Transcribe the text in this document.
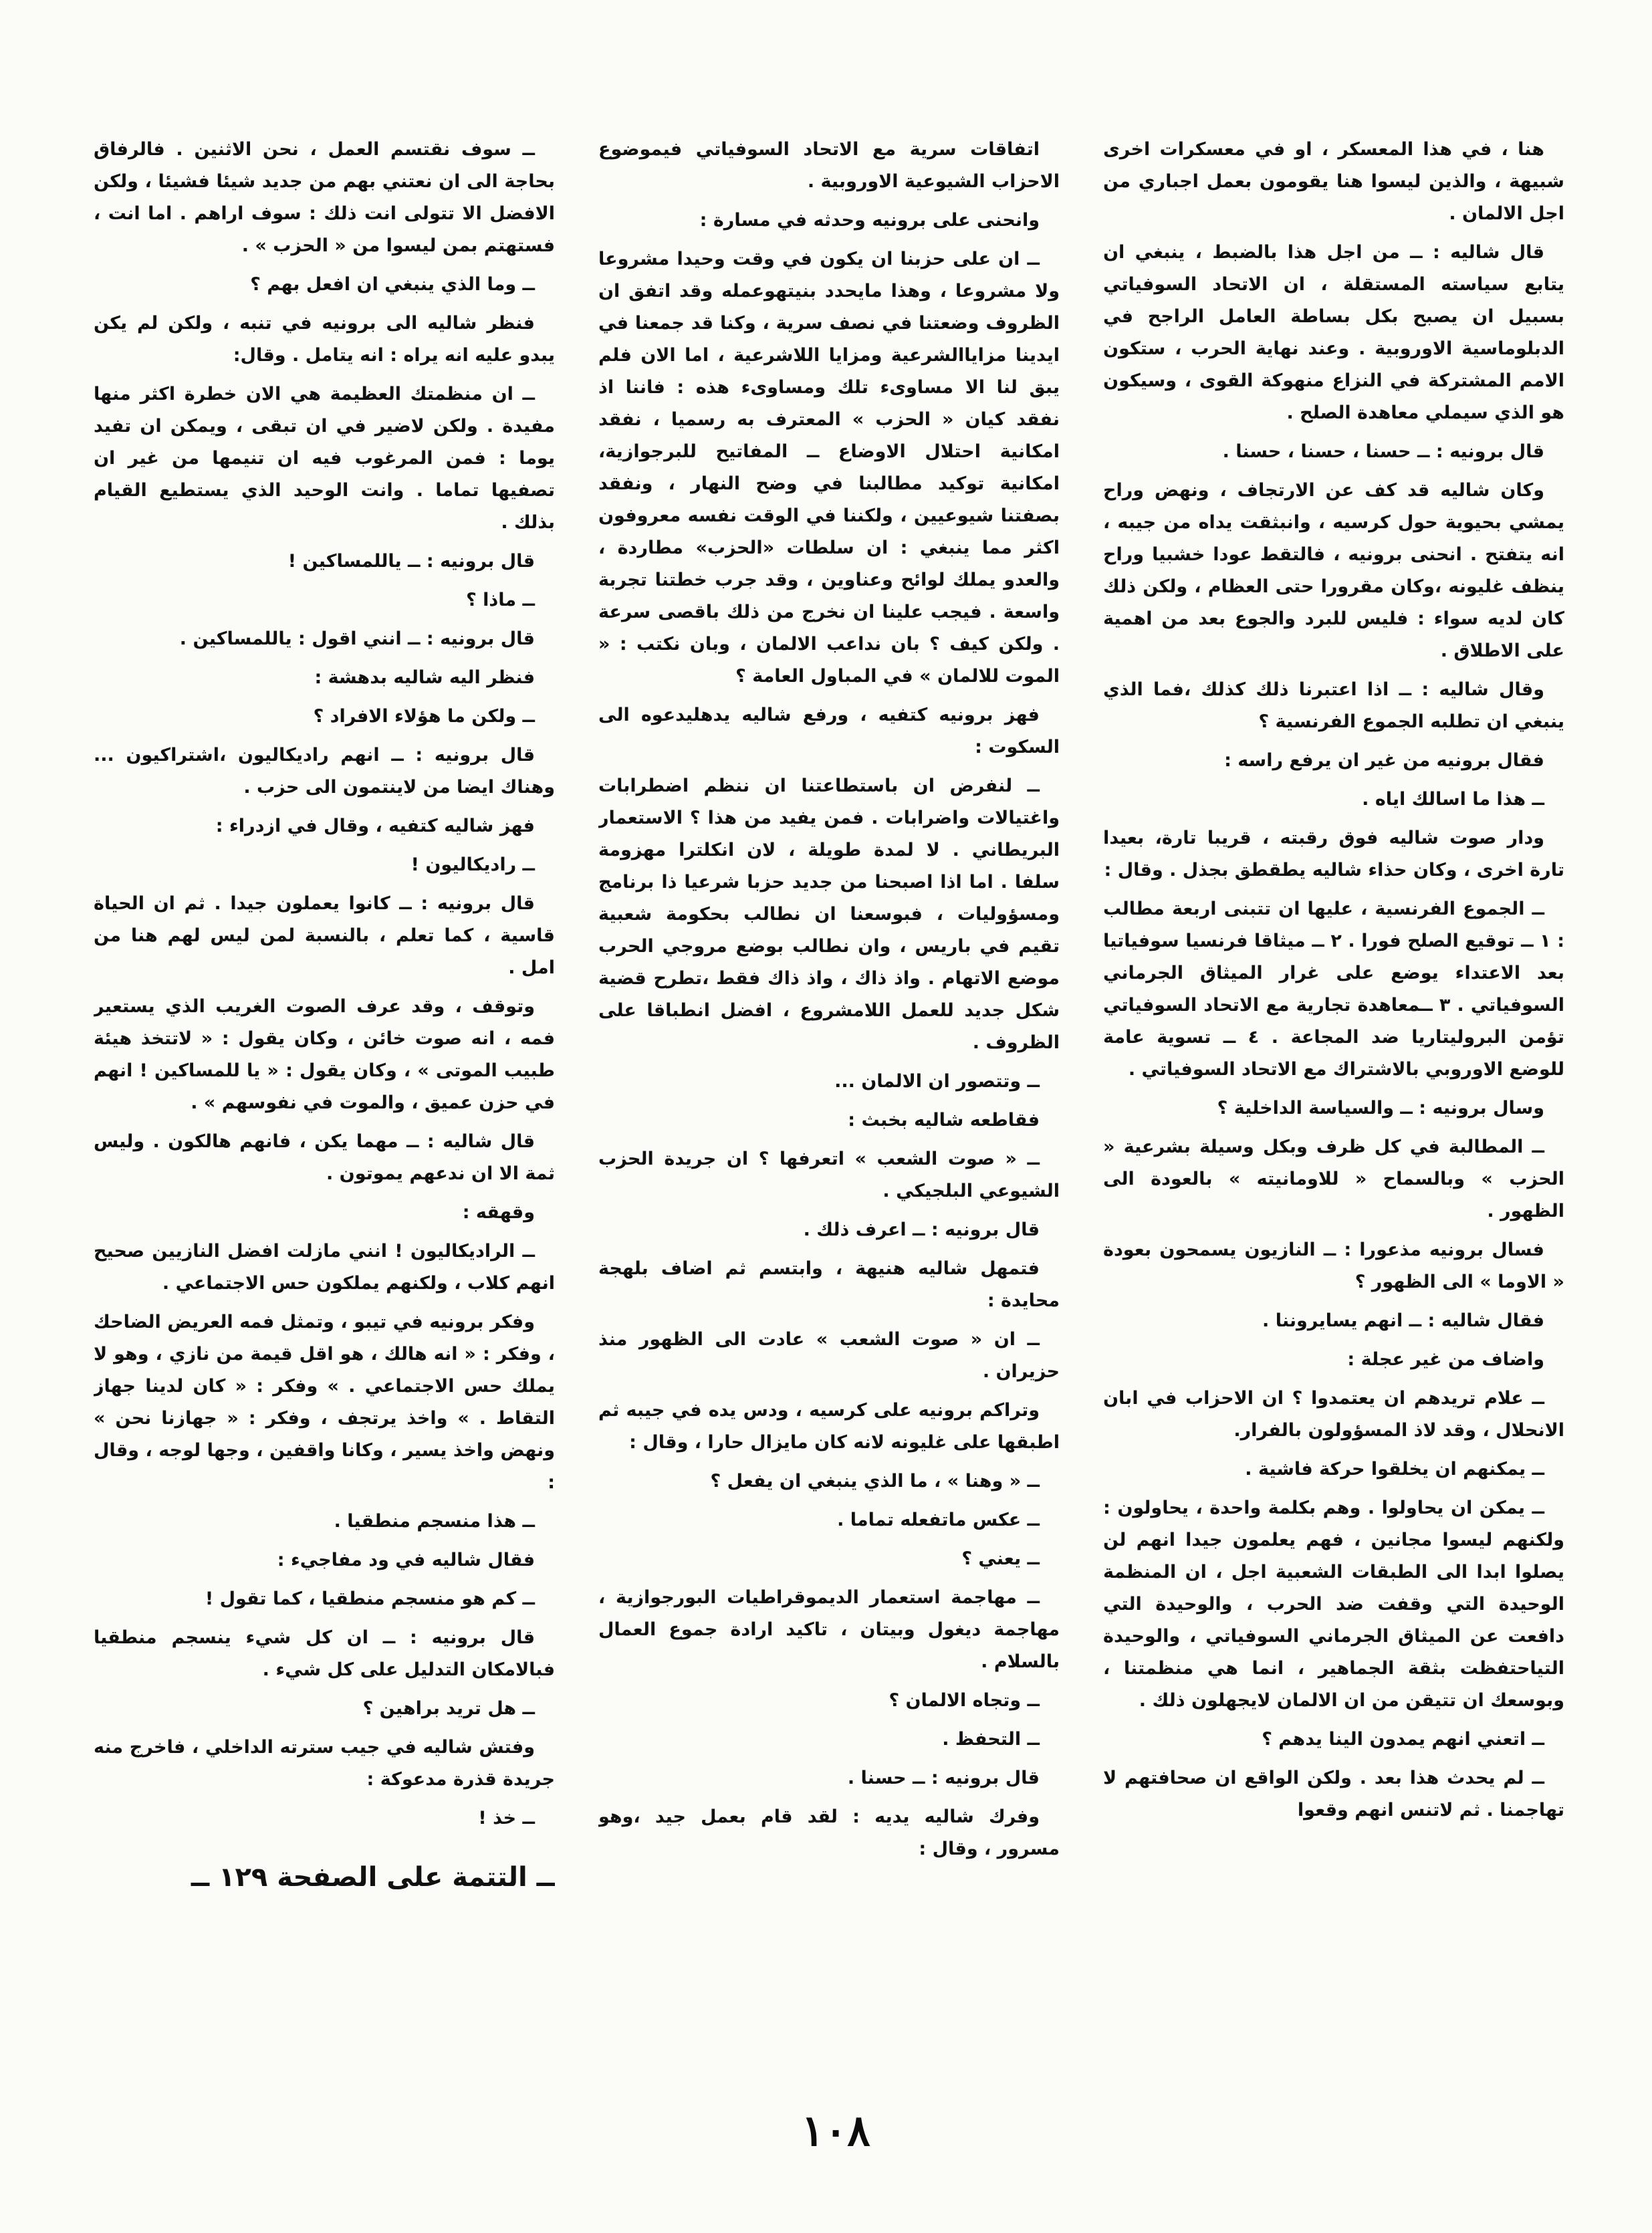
هنا ، في هذا المعسكر ، او في معسكرات اخرى شبيهة ، والذين ليسوا هنا يقومون بعمل اجباري من اجل الالمان .

قال شاليه : ــ من اجل هذا بالضبط ، ينبغي ان يتابع سياسته المستقلة ، ان الاتحاد السوفياتي بسبيل ان يصبح بكل بساطة العامل الراجح في الدبلوماسية الاوروبية . وعند نهاية الحرب ، ستكون الامم المشتركة في النزاع منهوكة القوى ، وسيكون هو الذي سيملي معاهدة الصلح .

قال برونيه : ــ حسنا ، حسنا ، حسنا .

وكان شاليه قد كف عن الارتجاف ، ونهض وراح يمشي بحيوية حول كرسيه ، وانبثقت يداه من جيبه ، انه يتفتح . انحنى برونيه ، فالتقط عودا خشبيا وراح ينظف غليونه ،وكان مقرورا حتى العظام ، ولكن ذلك كان لديه سواء : فليس للبرد والجوع بعد من اهمية على الاطلاق .

وقال شاليه : ــ اذا اعتبرنا ذلك كذلك ،فما الذي ينبغي ان تطلبه الجموع الفرنسية ؟

فقال برونيه من غير ان يرفع راسه :

ــ هذا ما اسالك اياه .

ودار صوت شاليه فوق رقبته ، قريبا تارة، بعيدا تارة اخرى ، وكان حذاء شاليه يطقطق بجذل . وقال :

ــ الجموع الفرنسية ، عليها ان تتبنى اربعة مطالب : ١ ــ توقيع الصلح فورا . ٢ ــ ميثاقا فرنسيا سوفياتيا بعد الاعتداء يوضع على غرار الميثاق الجرماني السوفياتي . ٣ ــمعاهدة تجارية مع الاتحاد السوفياتي تؤمن البروليتاريا ضد المجاعة . ٤ ــ تسوية عامة للوضع الاوروبي بالاشتراك مع الاتحاد السوفياتي .

وسال برونيه : ــ والسياسة الداخلية ؟

ــ المطالبة في كل ظرف وبكل وسيلة بشرعية « الحزب » وبالسماح « للاومانيته » بالعودة الى الظهور .

فسال برونيه مذعورا : ــ النازيون يسمحون بعودة « الاوما » الى الظهور ؟

فقال شاليه : ــ انهم يسايروننا .

واضاف من غير عجلة :

ــ علام تريدهم ان يعتمدوا ؟ ان الاحزاب في ابان الانحلال ، وقد لاذ المسؤولون بالفرار.

ــ يمكنهم ان يخلقوا حركة فاشية .

ــ يمكن ان يحاولوا . وهم بكلمة واحدة ، يحاولون : ولكنهم ليسوا مجانين ، فهم يعلمون جيدا انهم لن يصلوا ابدا الى الطبقات الشعبية اجل ، ان المنظمة الوحيدة التي وقفت ضد الحرب ، والوحيدة التي دافعت عن الميثاق الجرماني السوفياتي ، والوحيدة التياحتفظت بثقة الجماهير ، انما هي منظمتنا ، وبوسعك ان تتيقن من ان الالمان لايجهلون ذلك .

ــ اتعني انهم يمدون الينا يدهم ؟

ــ لم يحدث هذا بعد . ولكن الواقع ان صحافتهم لا تهاجمنا . ثم لاتنس انهم وقعوا

اتفاقات سرية مع الاتحاد السوفياتي فيموضوع الاحزاب الشيوعية الاوروبية .

وانحنى على برونيه وحدثه في مسارة :

ــ ان على حزبنا ان يكون في وقت وحيدا مشروعا ولا مشروعا ، وهذا مايحدد بنيتهوعمله وقد اتفق ان الظروف وضعتنا في نصف سرية ، وكنا قد جمعنا في ايدينا مزاياالشرعية ومزايا اللاشرعية ، اما الان فلم يبق لنا الا مساوىء تلك ومساوىء هذه : فاننا اذ نفقد كيان « الحزب » المعترف به رسميا ، نفقد امكانية احتلال الاوضاع ــ المفاتيح للبرجوازية، امكانية توكيد مطالبنا في وضح النهار ، ونفقد بصفتنا شيوعيين ، ولكننا في الوقت نفسه معروفون اكثر مما ينبغي : ان سلطات «الحزب» مطاردة ، والعدو يملك لوائح وعناوين ، وقد جرب خطتنا تجربة واسعة . فيجب علينا ان نخرج من ذلك باقصى سرعة . ولكن كيف ؟ بان نداعب الالمان ، وبان نكتب : « الموت للالمان » في المباول العامة ؟

فهز برونيه كتفيه ، ورفع شاليه يدهليدعوه الى السكوت :

ــ لنفرض ان باستطاعتنا ان ننظم اضطرابات واغتيالات واضرابات . فمن يفيد من هذا ؟ الاستعمار البريطاني . لا لمدة طويلة ، لان انكلترا مهزومة سلفا . اما اذا اصبحنا من جديد حزبا شرعيا ذا برنامج ومسؤوليات ، فبوسعنا ان نطالب بحكومة شعبية تقيم في باريس ، وان نطالب بوضع مروجي الحرب موضع الاتهام . واذ ذاك ، واذ ذاك فقط ،تطرح قضية شكل جديد للعمل اللامشروع ، افضل انطباقا على الظروف .

ــ وتتصور ان الالمان ...

فقاطعه شاليه بخبث :

ــ « صوت الشعب » اتعرفها ؟ ان جريدة الحزب الشيوعي البلجيكي .

قال برونيه : ــ اعرف ذلك .

فتمهل شاليه هنيهة ، وابتسم ثم اضاف بلهجة محايدة :

ــ ان « صوت الشعب » عادت الى الظهور منذ حزيران .

وتراكم برونيه على كرسيه ، ودس يده في جيبه ثم اطبقها على غليونه لانه كان مايزال حارا ، وقال :

ــ « وهنا » ، ما الذي ينبغي ان يفعل ؟

ــ عكس ماتفعله تماما .

ــ يعني ؟

ــ مهاجمة استعمار الديموقراطيات البورجوازية ، مهاجمة ديغول وبيتان ، تاكيد ارادة جموع العمال بالسلام .

ــ وتجاه الالمان ؟

ــ التحفظ .

قال برونيه : ــ حسنا .

وفرك شاليه يديه : لقد قام بعمل جيد ،وهو مسرور ، وقال :

ــ سوف نقتسم العمل ، نحن الاثنين . فالرفاق بحاجة الى ان نعتني بهم من جديد شيئا فشيئا ، ولكن الافضل الا تتولى انت ذلك : سوف اراهم . اما انت ، فستهتم بمن ليسوا من « الحزب » .

ــ وما الذي ينبغي ان افعل بهم ؟

فنظر شاليه الى برونيه في تنبه ، ولكن لم يكن يبدو عليه انه يراه : انه يتامل . وقال:

ــ ان منظمتك العظيمة هي الان خطرة اكثر منها مفيدة . ولكن لاضير في ان تبقى ، ويمكن ان تفيد يوما : فمن المرغوب فيه ان تنيمها من غير ان تصفيها تماما . وانت الوحيد الذي يستطيع القيام بذلك .

قال برونيه : ــ ياللمساكين !

ــ ماذا ؟

قال برونيه : ــ انني اقول : ياللمساكين .

فنظر اليه شاليه بدهشة :

ــ ولكن ما هؤلاء الافراد ؟

قال برونيه : ــ انهم راديكاليون ،اشتراكيون ... وهناك ايضا من لاينتمون الى حزب .

فهز شاليه كتفيه ، وقال في ازدراء :

ــ راديكاليون !

قال برونيه : ــ كانوا يعملون جيدا . ثم ان الحياة قاسية ، كما تعلم ، بالنسبة لمن ليس لهم هنا من امل .

وتوقف ، وقد عرف الصوت الغريب الذي يستعير فمه ، انه صوت خائن ، وكان يقول : « لاتتخذ هيئة طبيب الموتى » ، وكان يقول : « يا للمساكين ! انهم في حزن عميق ، والموت في نفوسهم » .

قال شاليه : ــ مهما يكن ، فانهم هالكون . وليس ثمة الا ان ندعهم يموتون .

وقهقه :

ــ الراديكاليون ! انني مازلت افضل النازيين صحيح انهم كلاب ، ولكنهم يملكون حس الاجتماعي .

وفكر برونيه في تيبو ، وتمثل فمه العريض الضاحك ، وفكر : « انه هالك ، هو اقل قيمة من نازي ، وهو لا يملك حس الاجتماعي . » وفكر : « كان لدينا جهاز التقاط . » واخذ يرتجف ، وفكر : « جهازنا نحن » ونهض واخذ يسير ، وكانا واقفين ، وجها لوجه ، وقال :

ــ هذا منسجم منطقيا .

فقال شاليه في ود مفاجيء :

ــ كم هو منسجم منطقيا ، كما تقول !

قال برونيه : ــ ان كل شيء ينسجم منطقيا فبالامكان التدليل على كل شيء .

ــ هل تريد براهين ؟

وفتش شاليه في جيب سترته الداخلي ، فاخرج منه جريدة قذرة مدعوكة :

ــ خذ !

ــ التتمة على الصفحة ١٢٩ ــ

١٠٨
